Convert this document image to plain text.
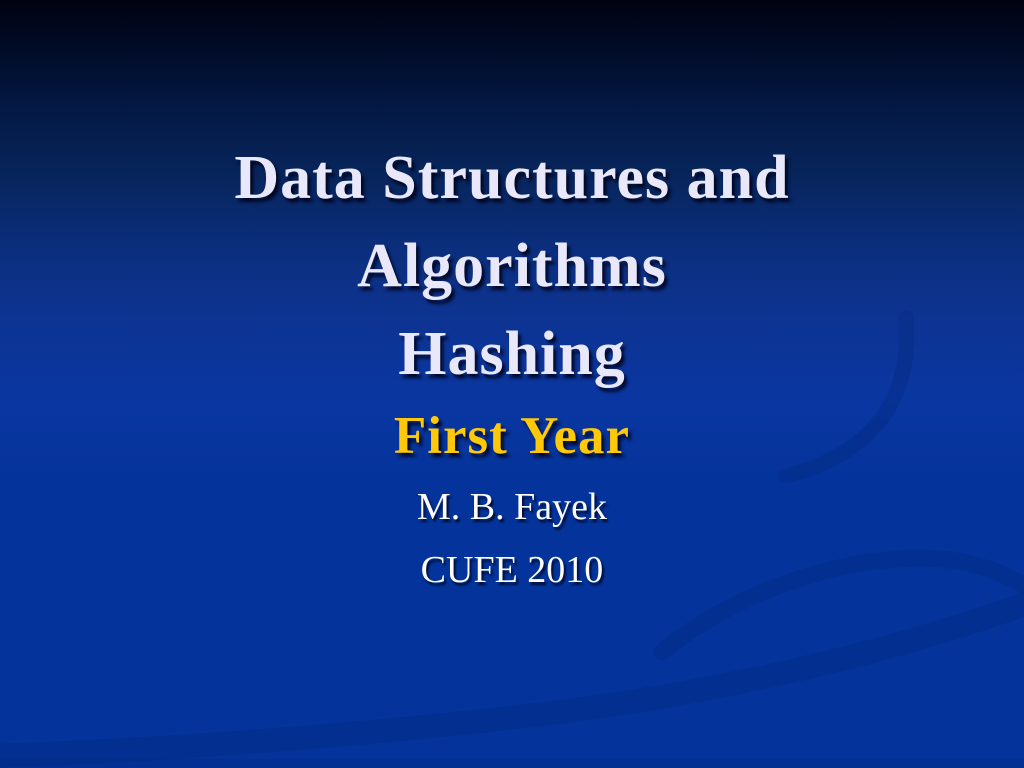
Data Structures and
Algorithms
Hashing
First Year
M. B. Fayek
CUFE 2010
